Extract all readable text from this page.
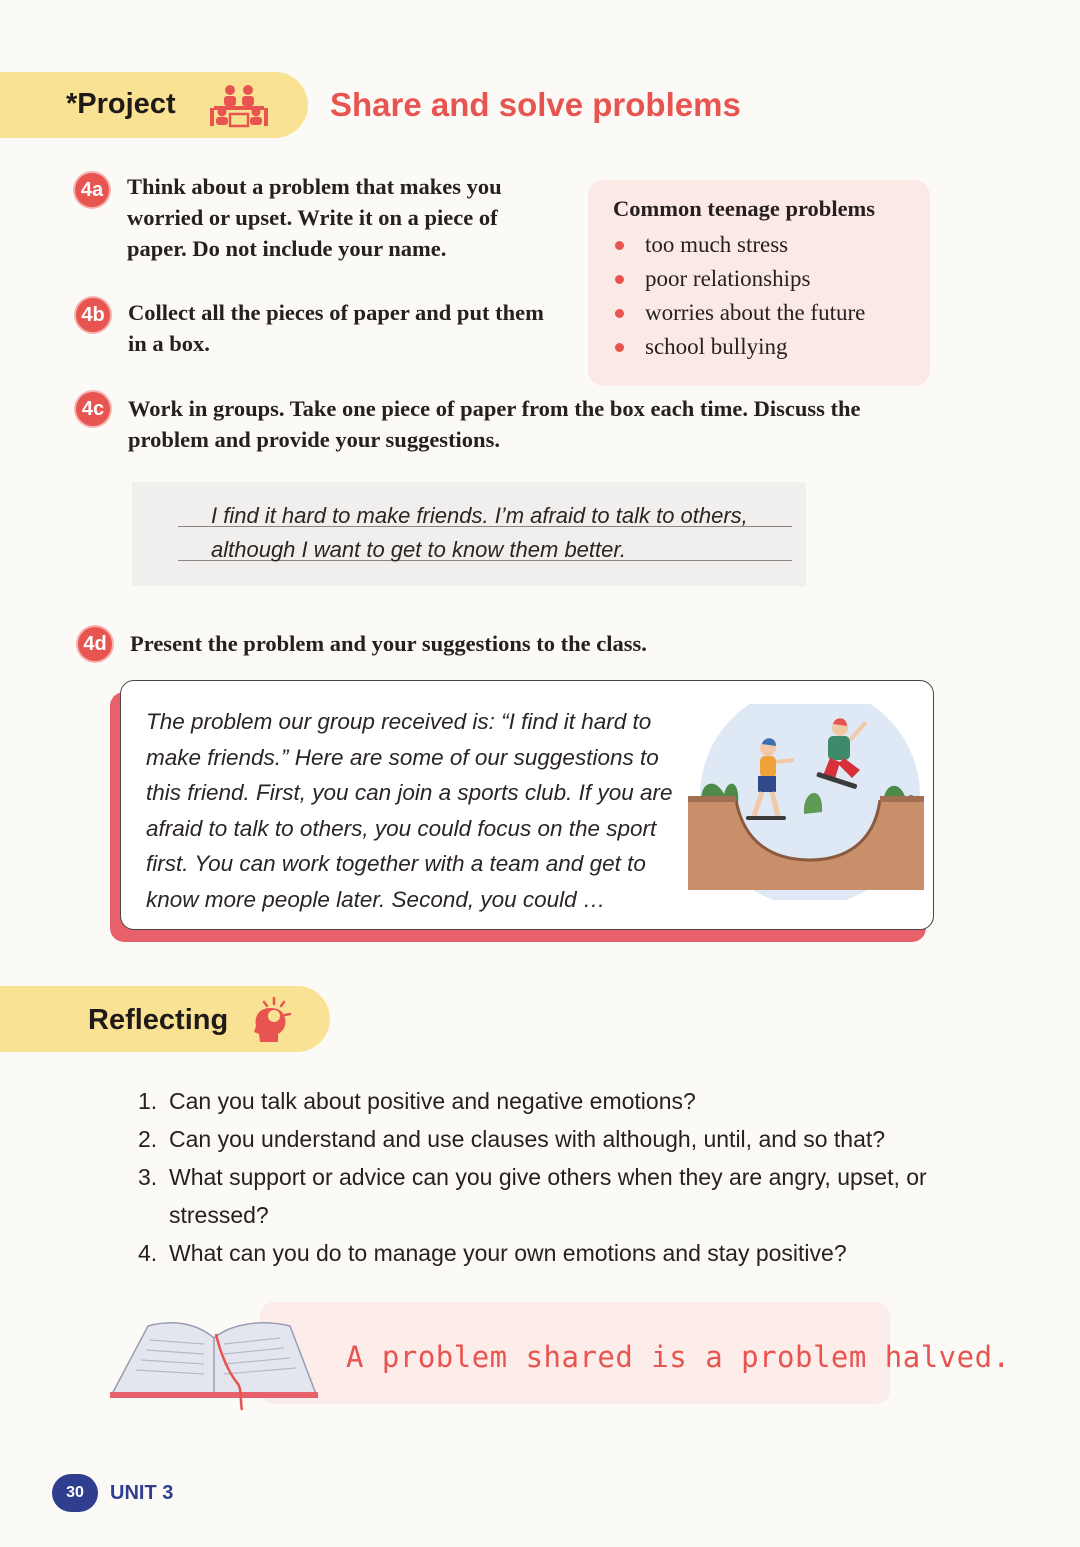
*Project	Share and solve problems
4a Think about a problem that makes you
worried or upset. Write it on a piece of
paper. Do not include your name.
4b Collect all the pieces of paper and put them
in a box.
Common teenage problems
too much stress
poor relationships
worries about the future
school bullying
4c Work in groups. Take one piece of paper from the box each time. Discuss the
problem and provide your suggestions.
I find it hard to make friends. I’m afraid to talk to others,
although I want to get to know them better.
4d Present the problem and your suggestions to the class.
The problem our group received is: “I find it hard to
make friends.” Here are some of our suggestions to
this friend. First, you can join a sports club. If you are
afraid to talk to others, you could focus on the sport
first. You can work together with a team and get to
know more people later. Second, you could …
Reflecting
1. Can you talk about positive and negative emotions?
2. Can you understand and use clauses with although, until, and so that?
3. What support or advice can you give others when they are angry, upset, or
stressed?
4. What can you do to manage your own emotions and stay positive?
A problem shared is a problem halved.
30	UNIT 3
